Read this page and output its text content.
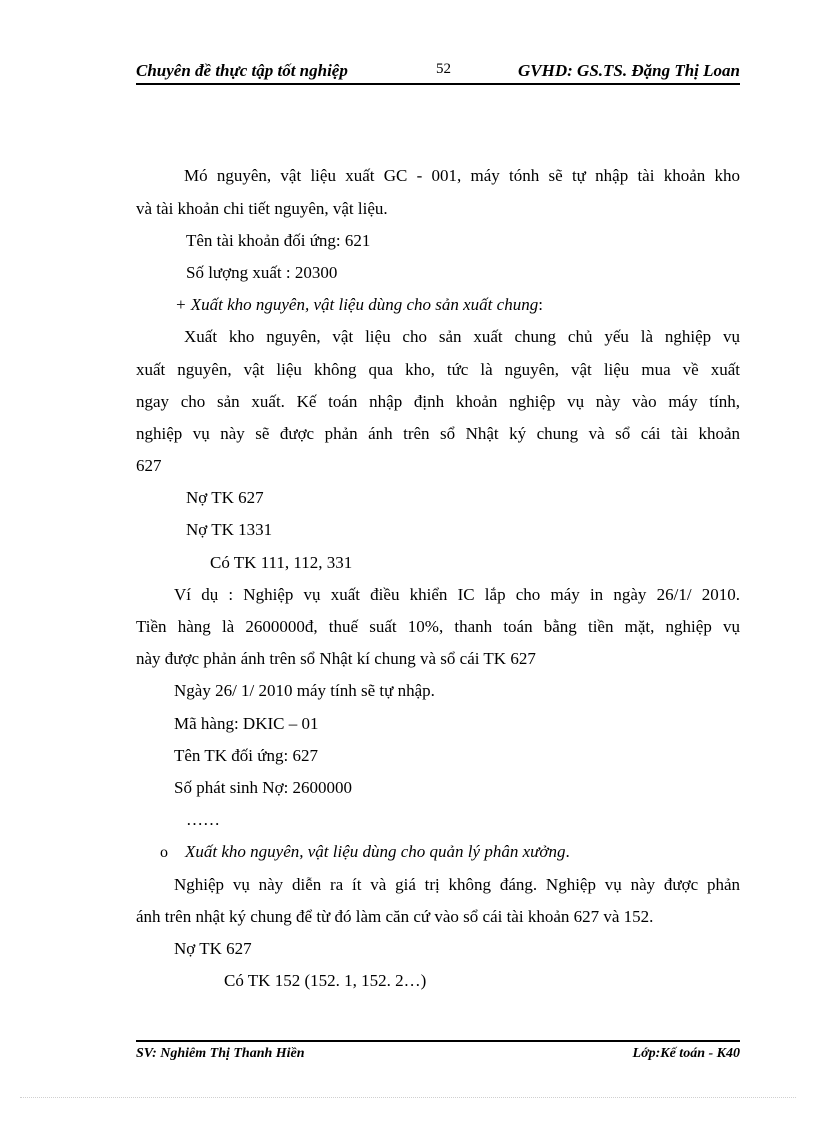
Chuyên đề thực tập tốt nghiệp	52	GVHD: GS.TS. Đặng Thị Loan
Mó nguyên, vật liệu xuất GC - 001, máy tónh sẽ tự nhập tài khoản kho
và tài khoản chi tiết nguyên, vật liệu.
Tên tài khoản đối ứng: 621
Số lượng xuất : 20300
+ Xuất kho nguyên, vật liệu dùng cho sản xuất chung:
Xuất kho nguyên, vật liệu cho sản xuất chung chủ yếu là nghiệp vụ
xuất nguyên, vật liệu không qua kho, tức là nguyên, vật liệu mua về xuất
ngay cho sản xuất. Kế toán nhập định khoản nghiệp vụ này vào máy tính,
nghiệp vụ này sẽ được phản ánh trên sổ Nhật ký chung và sổ cái tài khoản
627
Nợ TK 627
Nợ TK 1331
Có TK 111, 112, 331
Ví dụ : Nghiệp vụ xuất điều khiển IC lắp cho máy in ngày 26/1/ 2010.
Tiền hàng là 2600000đ, thuế suất 10%, thanh toán bằng tiền mặt, nghiệp vụ
này được phản ánh trên sổ Nhật kí chung và sổ cái TK 627
Ngày 26/ 1/ 2010 máy tính sẽ tự nhập.
Mã hàng: DKIC – 01
Tên TK đối ứng: 627
Số phát sinh Nợ: 2600000
……
o Xuất kho nguyên, vật liệu dùng cho quản lý phân xưởng.
Nghiệp vụ này diễn ra ít và giá trị không đáng. Nghiệp vụ này được phản
ánh trên nhật ký chung để từ đó làm căn cứ vào sổ cái tài khoản 627 và 152.
Nợ TK 627
Có TK 152 (152. 1, 152. 2…)
SV: Nghiêm Thị Thanh Hiền	Lớp:Kế toán - K40
